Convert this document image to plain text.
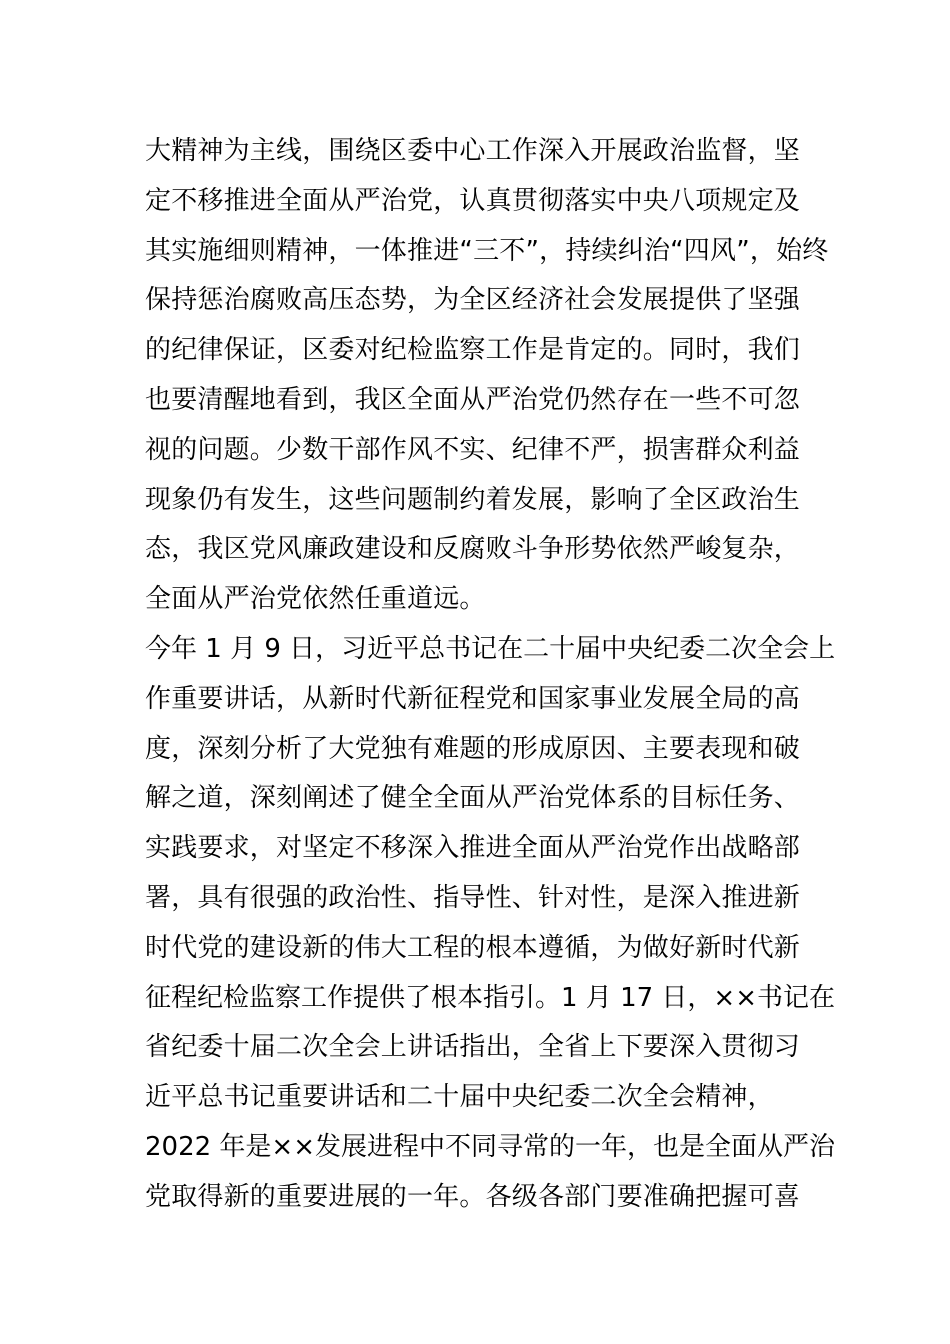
大精神为主线，围绕区委中心工作深入开展政治监督，坚
定不移推进全面从严治党，认真贯彻落实中央八项规定及
其实施细则精神，一体推进“三不”，持续纠治“四风”，始终
保持惩治腐败高压态势，为全区经济社会发展提供了坚强
的纪律保证，区委对纪检监察工作是肯定的。同时，我们
也要清醒地看到，我区全面从严治党仍然存在一些不可忽
视的问题。少数干部作风不实、纪律不严，损害群众利益
现象仍有发生，这些问题制约着发展，影响了全区政治生
态，我区党风廉政建设和反腐败斗争形势依然严峻复杂，
全面从严治党依然任重道远。
今年 1 月 9 日，习近平总书记在二十届中央纪委二次全会上
作重要讲话，从新时代新征程党和国家事业发展全局的高
度，深刻分析了大党独有难题的形成原因、主要表现和破
解之道，深刻阐述了健全全面从严治党体系的目标任务、
实践要求，对坚定不移深入推进全面从严治党作出战略部
署，具有很强的政治性、指导性、针对性，是深入推进新
时代党的建设新的伟大工程的根本遵循，为做好新时代新
征程纪检监察工作提供了根本指引。1 月 17 日，××书记在
省纪委十届二次全会上讲话指出，全省上下要深入贯彻习
近平总书记重要讲话和二十届中央纪委二次全会精神，
2022 年是××发展进程中不同寻常的一年，也是全面从严治
党取得新的重要进展的一年。各级各部门要准确把握可喜
